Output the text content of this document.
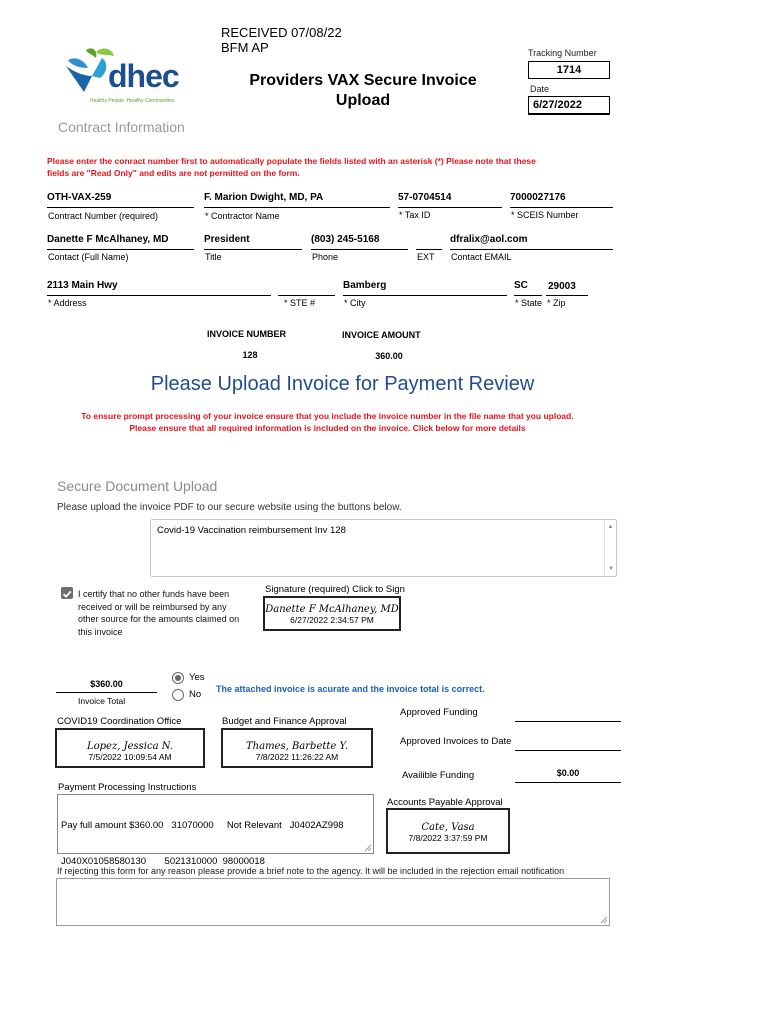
RECEIVED 07/08/22
BFM AP
dhec
Healthy People. Healthy Communities.
Providers VAX Secure Invoice
Upload
Tracking Number
1714
Date
6/27/2022
Contract Information
Please enter the conract number first to automatically populate the fields listed with an asterisk (*) Please note that these
fields are "Read Only" and edits are not permitted on the form.
OTH-VAX-259
Contract Number (required)
F. Marion Dwight, MD, PA
* Contractor Name
57-0704514
* Tax ID
7000027176
* SCEIS Number
Danette F McAlhaney, MD
Contact (Full Name)
President
Title
(803) 245-5168
Phone	EXT
dfralix@aol.com
Contact EMAIL
2113 Main Hwy
* Address	* STE #
Bamberg
* City
SC
* State
29003
* Zip
INVOICE NUMBER
128
INVOICE AMOUNT
360.00
Please Upload Invoice for Payment Review
To ensure prompt processing of your invoice ensure that you include the invoice number in the file name that you upload.
Please ensure that all required information is included on the invoice. Click below for more details
Secure Document Upload
Please upload the invoice PDF to our secure website using the buttons below.
Covid-19 Vaccination reimbursement Inv 128	▲
▼
I certify that no other funds have been
received or will be reimbursed by any
other source for the amounts claimed on
this invoice
Signature (required) Click to Sign
Danette F McAlhaney, MD
6/27/2022 2:34:57 PM
$360.00
Invoice Total
Yes
No The attached invoice is acurate and the invoice total is correct.
Approved Funding
Approved Invoices to Date
Availible Funding	$0.00
COVID19 Coordination Office
Lopez, Jessica N.
7/5/2022 10:09:54 AM
Budget and Finance Approval
Thames, Barbette Y.
7/8/2022 11:26:22 AM
Payment Processing Instructions

Pay full amount $360.00   31070000     Not Relevant   J0402AZ998

J040X01058580130       5021310000  98000018

Accounts Payable Approval
Cate, Vasa
7/8/2022 3:37:59 PM
If rejecting this form for any reason please provide a brief note to the agency. It will be included in the rejection email notification
